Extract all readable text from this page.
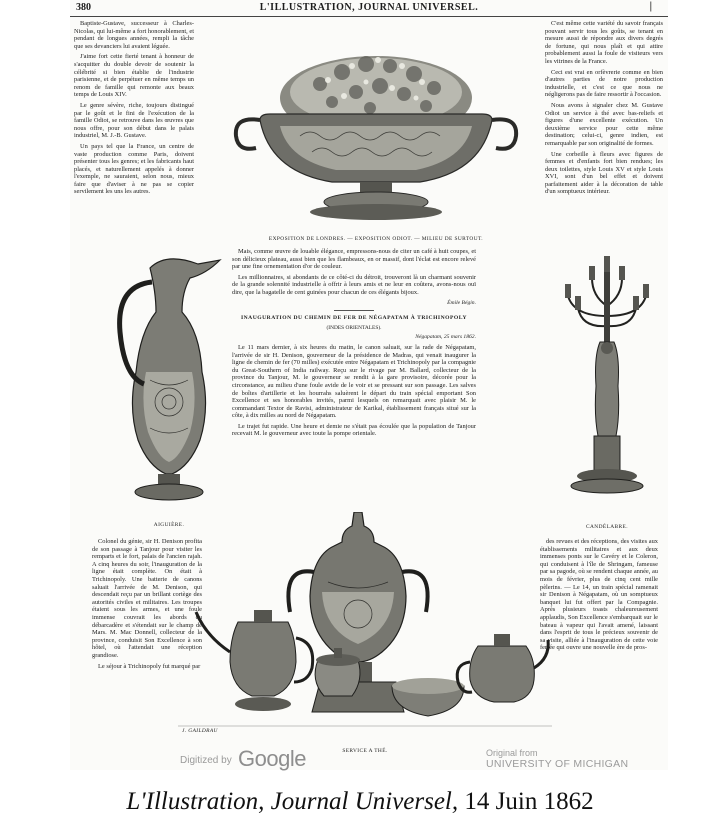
380	L'ILLUSTRATION, JOURNAL UNIVERSEL.	|

Baptiste-Gustave, successeur à Charles-Nicolas, qui lui-même a fort honorablement, et pendant de longues années, rempli la tâche que ses devanciers lui avaient léguée.

J'aime fort cette fierté tenant à honneur de s'acquitter du double devoir de soutenir la célébrité si bien établie de l'industrie parisienne, et de perpétuer en même temps un renom de famille qui remonte aux beaux temps de Louis XIV.

Le genre sévère, riche, toujours distingué par le goût et le fini de l'exécution de la famille Odiot, se retrouve dans les œuvres que nous offre, pour son début dans le palais industriel, M. J.-B. Gustave.

Un pays tel que la France, un centre de vaste production comme Paris, doivent présenter tous les genres; et les fabricants haut placés, et naturellement appelés à donner l'exemple, ne sauraient, selon nous, mieux faire que d'aviser à ne pas se copier servilement les uns les autres.

C'est même cette variété du savoir français pouvant servir tous les goûts, se tenant en mesure aussi de répondre aux divers degrés de fortune, qui nous plaît et qui attire probablement aussi la foule de visiteurs vers les vitrines de la France.

Ceci est vrai en orfèvrerie comme en bien d'autres parties de notre production industrielle, et c'est ce que nous ne négligerons pas de faire ressortir à l'occasion.

Nous avons à signaler chez M. Gustave Odiot un service à thé avec bas-reliefs et figures d'une excellente exécution. Un deuxième service pour cette même destination; celui-ci, genre indien, est remarquable par son originalité de formes.

Une corbeille à fleurs avec figures de femmes et d'enfants fort bien rendues; les deux toilettes, style Louis XV et style Louis XVI, sont d'un bel effet et doivent parfaitement aider à la décoration de table d'un somptueux intérieur.

EXPOSITION DE LONDRES. — EXPOSITION ODIOT. — MILIEU DE SURTOUT.
AIGUIÈRE.	CANDÉLABRE.

Mais, comme œuvre de louable élégance, empressons-nous de citer un café à huit coupes, et son délicieux plateau, aussi bien que les flambeaux, en or massif, dont l'éclat est encore relevé par une fine ornementation d'or de couleur.

Les millionnaires, si abondants de ce côté-ci du détroit, trouveront là un charmant souvenir de la grande solennité industrielle à offrir à leurs amis et ne leur en coûtera, avons-nous ouï dire, que la bagatelle de cent guinées pour chacun de ces élégants bijoux.

Émile Bégin.
INAUGURATION DU CHEMIN DE FER DE NÉGAPATAM À TRICHINOPOLY
(INDES ORIENTALES).
Négapatam, 25 mars 1862.

Le 11 mars dernier, à six heures du matin, le canon saluait, sur la rade de Négapatam, l'arrivée de sir H. Denison, gouverneur de la présidence de Madras, qui venait inaugurer la ligne de chemin de fer (70 milles) exécutée entre Négapatam et Trichinopoly par la compagnie du Great-Southern of India railway. Reçu sur le rivage par M. Ballard, collecteur de la province du Tanjour, M. le gouverneur se rendit à la gare provisoire, décorée pour la circonstance, au milieu d'une foule avide de le voir et se pressant sur son passage. Les salves de boîtes d'artillerie et les hourrahs saluèrent le départ du train spécial emportant Son Excellence et ses honorables invités, parmi lesquels on remarquait avec plaisir M. le commandant Textor de Ravisi, administrateur de Karikal, établissement français situé sur la côte, à dix milles au nord de Négapatam.

Le trajet fut rapide. Une heure et demie ne s'était pas écoulée que la population de Tanjour recevait M. le gouverneur avec toute la pompe orientale.

Colonel du génie, sir H. Denison profita de son passage à Tanjour pour visiter les remparts et le fort, palais de l'ancien rajah. A cinq heures du soir, l'inauguration de la ligne était complète. On était à Trichinopoly. Une batterie de canons saluait l'arrivée de M. Denison, qui descendait reçu par un brillant cortège des autorités civiles et militaires. Les troupes étaient sous les armes, et une foule immense couvrait les abords du débarcadère et s'étendait sur le champ de Mars. M. Mac Donnell, collecteur de la province, conduisit Son Excellence à son hôtel, où l'attendait une réception grandiose.

Le séjour à Trichinopoly fut marqué par

des revues et des réceptions, des visites aux établissements militaires et aux deux immenses ponts sur le Cavéry et le Coleron, qui conduisent à l'île de Shringam, fameuse par sa pagode, où se rendent chaque année, au mois de février, plus de cinq cent mille pèlerins. — Le 14, un train spécial ramenait sir Denison à Négapatam, où un somptueux banquet lui fut offert par la Compagnie. Après plusieurs toasts chaleureusement applaudis, Son Excellence s'embarquait sur le bateau à vapeur qui l'avait amené, laissant dans l'esprit de tous le précieux souvenir de sa visite, alliée à l'inauguration de cette voie ferrée qui ouvre une nouvelle ère de pros-

J. GAILDRAU
SERVICE A THÉ.
Digitized by Google	Original from
UNIVERSITY OF MICHIGAN
L'Illustration, Journal Universel, 14 Juin 1862
